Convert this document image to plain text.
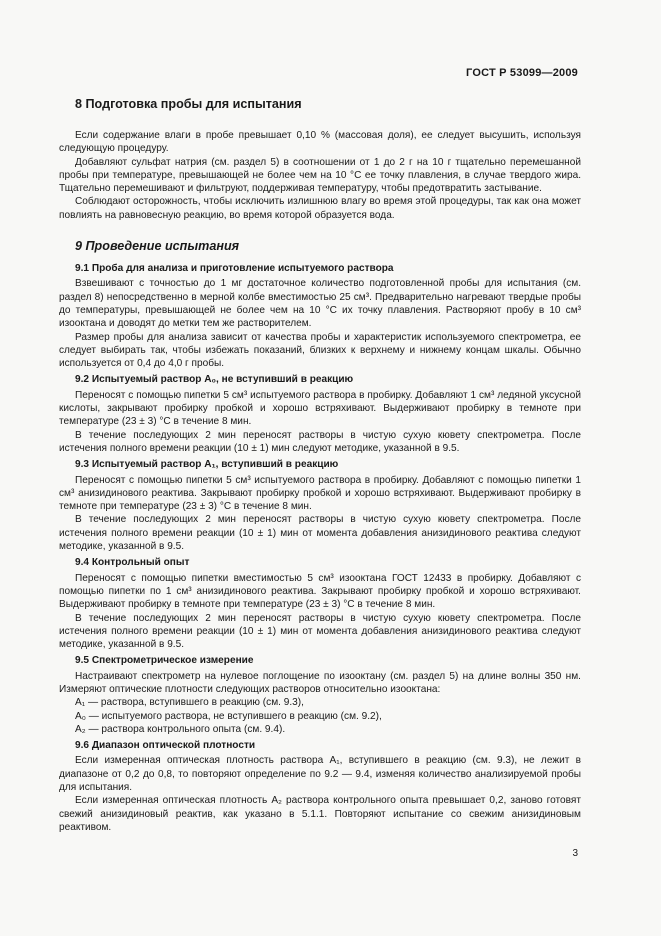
ГОСТ Р 53099—2009
8 Подготовка пробы для испытания

Если содержание влаги в пробе превышает 0,10 % (массовая доля), ее следует высушить, используя следующую процедуру.

Добавляют сульфат натрия (см. раздел 5) в соотношении от 1 до 2 г на 10 г тщательно перемешанной пробы при температуре, превышающей не более чем на 10 °С ее точку плавления, в случае твердого жира. Тщательно перемешивают и фильтруют, поддерживая температуру, чтобы предотвратить застывание.

Соблюдают осторожность, чтобы исключить излишнюю влагу во время этой процедуры, так как она может повлиять на равновесную реакцию, во время которой образуется вода.

9 Проведение испытания
9.1 Проба для анализа и приготовление испытуемого раствора

Взвешивают с точностью до 1 мг достаточное количество подготовленной пробы для испытания (см. раздел 8) непосредственно в мерной колбе вместимостью 25 см³. Предварительно нагревают твердые пробы до температуры, превышающей не более чем на 10 °С их точку плавления. Растворяют пробу в 10 см³ изооктана и доводят до метки тем же растворителем.

Размер пробы для анализа зависит от качества пробы и характеристик используемого спектрометра, ее следует выбирать так, чтобы избежать показаний, близких к верхнему и нижнему концам шкалы. Обычно используется от 0,4 до 4,0 г пробы.

9.2 Испытуемый раствор A₀, не вступивший в реакцию

Переносят с помощью пипетки 5 см³ испытуемого раствора в пробирку. Добавляют 1 см³ ледяной уксусной кислоты, закрывают пробирку пробкой и хорошо встряхивают. Выдерживают пробирку в темноте при температуре (23 ± 3) °С в течение 8 мин.

В течение последующих 2 мин переносят растворы в чистую сухую кювету спектрометра. После истечения полного времени реакции (10 ± 1) мин следуют методике, указанной в 9.5.

9.3 Испытуемый раствор A₁, вступивший в реакцию

Переносят с помощью пипетки 5 см³ испытуемого раствора в пробирку. Добавляют с помощью пипетки 1 см³ анизидинового реактива. Закрывают пробирку пробкой и хорошо встряхивают. Выдерживают пробирку в темноте при температуре (23 ± 3) °С в течение 8 мин.

В течение последующих 2 мин переносят растворы в чистую сухую кювету спектрометра. После истечения полного времени реакции (10 ± 1) мин от момента добавления анизидинового реактива следуют методике, указанной в 9.5.

9.4 Контрольный опыт

Переносят с помощью пипетки вместимостью 5 см³ изооктана ГОСТ 12433 в пробирку. Добавляют с помощью пипетки по 1 см³ анизидинового реактива. Закрывают пробирку пробкой и хорошо встряхивают. Выдерживают пробирку в темноте при температуре (23 ± 3) °С в течение 8 мин.

В течение последующих 2 мин переносят растворы в чистую сухую кювету спектрометра. После истечения полного времени реакции (10 ± 1) мин от момента добавления анизидинового реактива следуют методике, указанной в 9.5.

9.5 Спектрометрическое измерение

Настраивают спектрометр на нулевое поглощение по изооктану (см. раздел 5) на длине волны 350 нм. Измеряют оптические плотности следующих растворов относительно изооктана:

A₁ — раствора, вступившего в реакцию (см. 9.3),
A₀ — испытуемого раствора, не вступившего в реакцию (см. 9.2),
A₂ — раствора контрольного опыта (см. 9.4).
9.6 Диапазон оптической плотности

Если измеренная оптическая плотность раствора A₁, вступившего в реакцию (см. 9.3), не лежит в диапазоне от 0,2 до 0,8, то повторяют определение по 9.2 — 9.4, изменяя количество анализируемой пробы для испытания.

Если измеренная оптическая плотность A₂ раствора контрольного опыта превышает 0,2, заново готовят свежий анизидиновый реактив, как указано в 5.1.1. Повторяют испытание со свежим анизидиновым реактивом.

3
